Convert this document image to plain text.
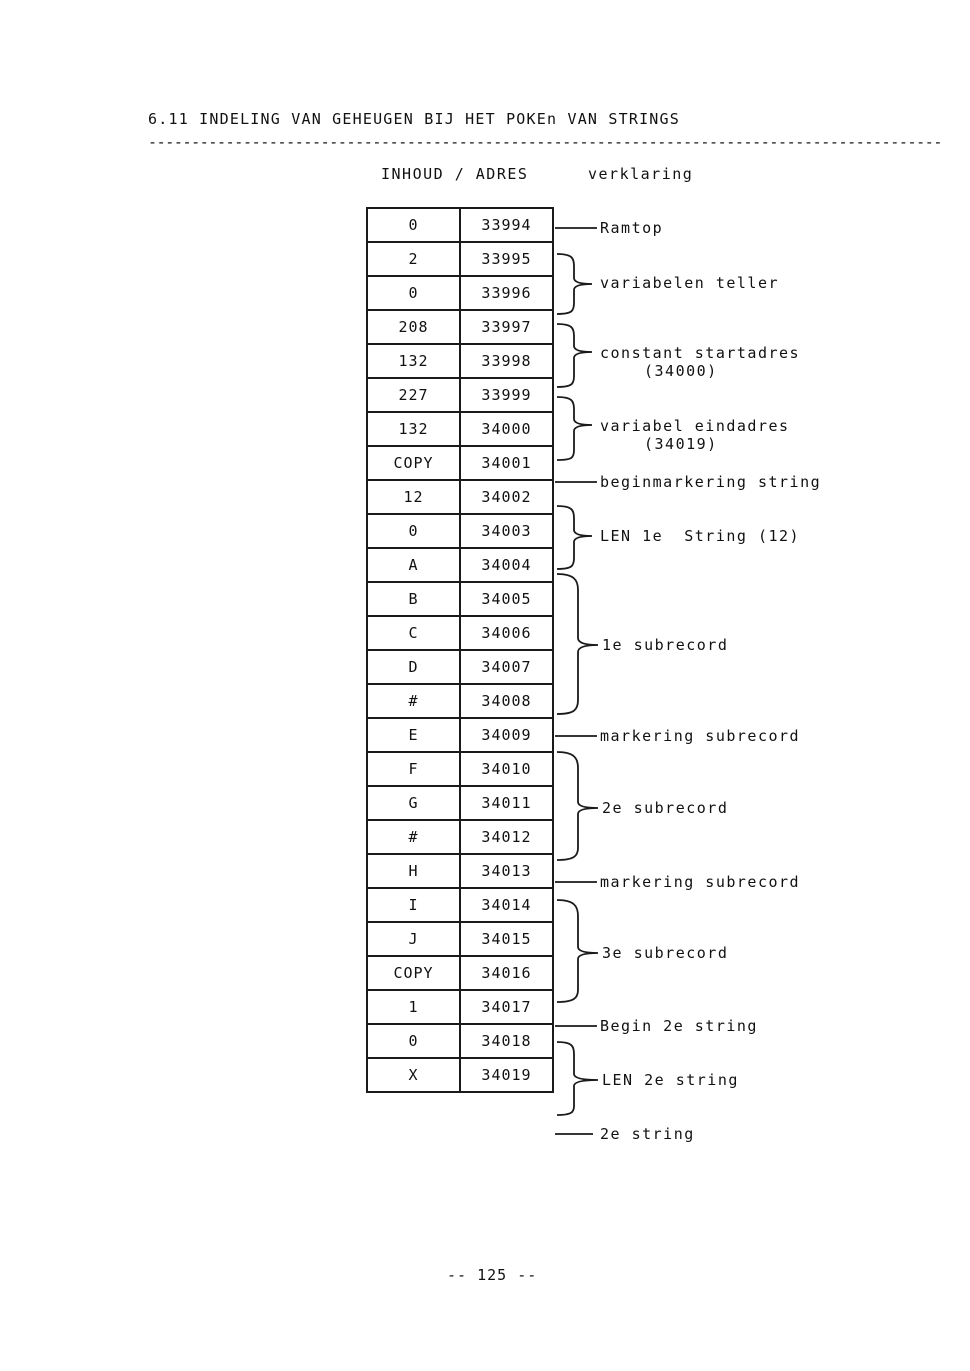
6.11 INDELING VAN GEHEUGEN BIJ HET POKEn VAN STRINGS
--------------------------------------------------------------------------------------------
INHOUD / ADRES	verklaring
0	33994
2	33995
0	33996
208	33997
132	33998
227	33999
132	34000
COPY	34001
12	34002
0	34003
A	34004
B	34005
C	34006
D	34007
#	34008
E	34009
F	34010
G	34011
#	34012
H	34013
I	34014
J	34015
COPY	34016
1	34017
0	34018
X	34019
Ramtop
variabelen teller
constant startadres
(34000)
variabel eindadres
(34019)
beginmarkering string
LEN 1e  String (12)
1e subrecord
markering subrecord
2e subrecord
markering subrecord
3e subrecord
Begin 2e string
LEN 2e string
2e string
-- 125 --
